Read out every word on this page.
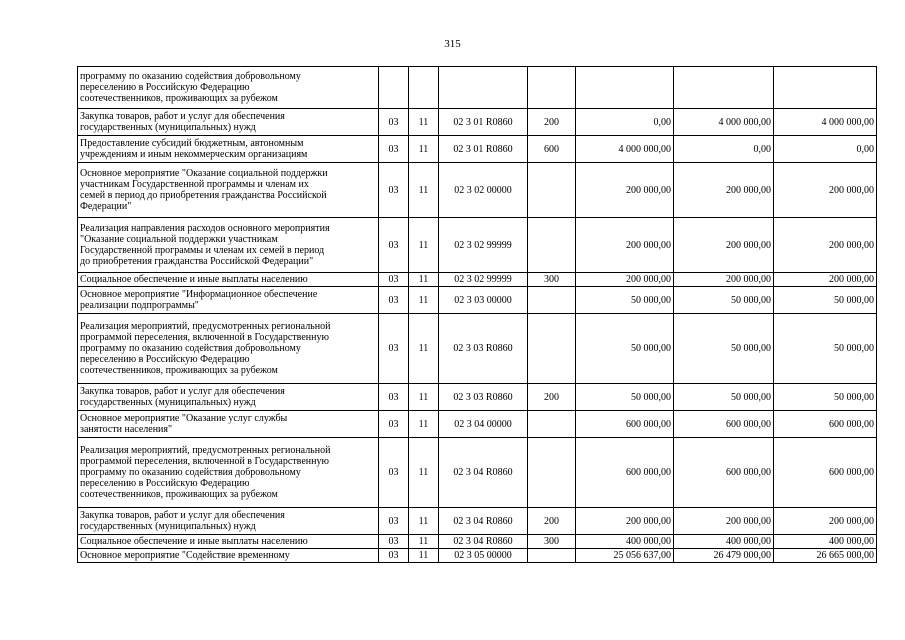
315
программу по оказанию содействия добровольному
переселению в Российскую Федерацию
соотечественников, проживающих за рубежом							

Закупка товаров, работ и услуг для обеспечения
государственных (муниципальных) нужд	03	11	02 3 01 R0860	200	0,00	4 000 000,00	4 000 000,00

Предоставление субсидий бюджетным, автономным
учреждениям и иным некоммерческим организациям	03	11	02 3 01 R0860	600	4 000 000,00	0,00	0,00

Основное мероприятие "Оказание социальной поддержки
участникам Государственной программы и членам их
семей в период до приобретения гражданства Российской
Федерации"	03	11	02 3 02 00000		200 000,00	200 000,00	200 000,00

Реализация направления расходов основного мероприятия
"Оказание социальной поддержки участникам
Государственной программы и членам их семей в период
до приобретения гражданства Российской Федерации"	03	11	02 3 02 99999		200 000,00	200 000,00	200 000,00

Социальное обеспечение и иные выплаты населению	03	11	02 3 02 99999	300	200 000,00	200 000,00	200 000,00

Основное мероприятие "Информационное обеспечение
реализации подпрограммы"	03	11	02 3 03 00000		50 000,00	50 000,00	50 000,00

Реализация мероприятий, предусмотренных региональной
программой переселения, включенной в Государственную
программу по оказанию содействия добровольному
переселению в Российскую Федерацию
соотечественников, проживающих за рубежом	03	11	02 3 03 R0860		50 000,00	50 000,00	50 000,00

Закупка товаров, работ и услуг для обеспечения
государственных (муниципальных) нужд	03	11	02 3 03 R0860	200	50 000,00	50 000,00	50 000,00

Основное мероприятие "Оказание услуг службы
занятости населения"	03	11	02 3 04 00000		600 000,00	600 000,00	600 000,00

Реализация мероприятий, предусмотренных региональной
программой переселения, включенной в Государственную
программу по оказанию содействия добровольному
переселению в Российскую Федерацию
соотечественников, проживающих за рубежом	03	11	02 3 04 R0860		600 000,00	600 000,00	600 000,00

Закупка товаров, работ и услуг для обеспечения
государственных (муниципальных) нужд	03	11	02 3 04 R0860	200	200 000,00	200 000,00	200 000,00

Социальное обеспечение и иные выплаты населению	03	11	02 3 04 R0860	300	400 000,00	400 000,00	400 000,00

Основное мероприятие "Содействие временному	03	11	02 3 05 00000		25 056 637,00	26 479 000,00	26 665 000,00
